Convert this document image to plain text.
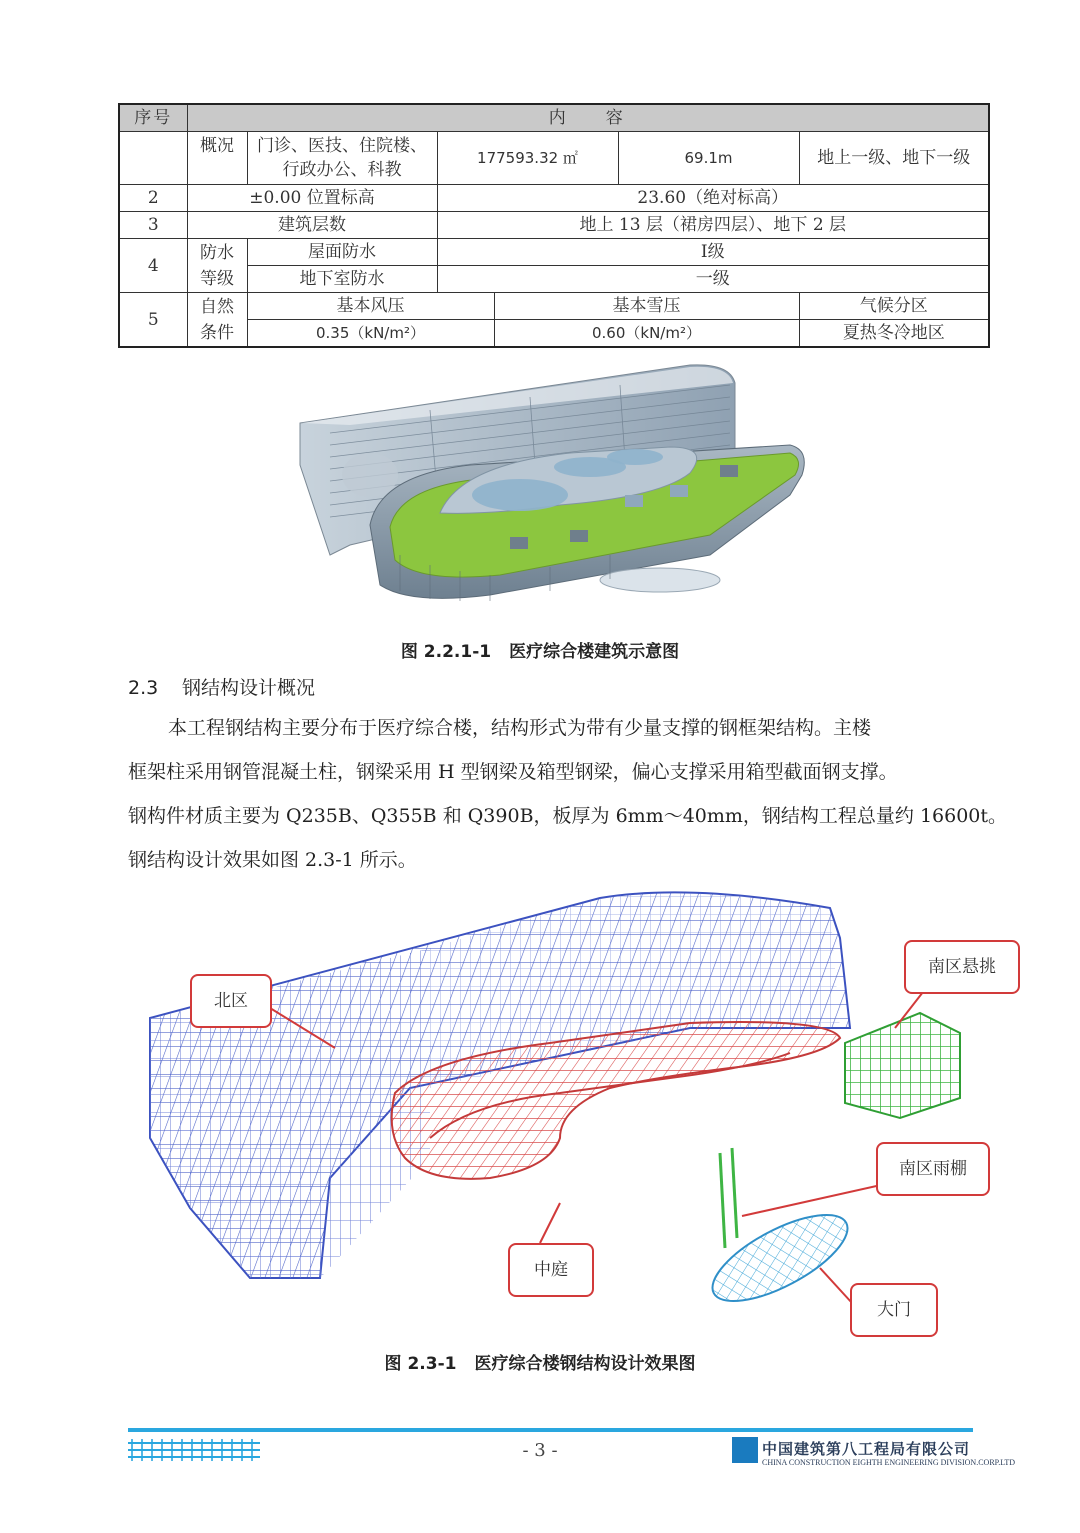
序号	内容					
	概况	门诊、医技、住院楼、行政办公、科教	177593.32 ㎡		69.1m	地上一级、地下一级
2	±0.00 位置标高		23.60（绝对标高）			
3	建筑层数		地上 13 层（裙房四层）、地下 2 层			
4	防水等级	屋面防水	Ⅰ级			
		地下室防水	一级			
5	自然条件	基本风压		基本雪压		气候分区
		0.35（kN/m²）		0.60（kN/m²）		夏热冬冷地区
图 2.2.1-1 医疗综合楼建筑示意图
2.3 钢结构设计概况

本工程钢结构主要分布于医疗综合楼，结构形式为带有少量支撑的钢框架结构。主楼
框架柱采用钢管混凝土柱，钢梁采用 H 型钢梁及箱型钢梁，偏心支撑采用箱型截面钢支撑。
钢构件材质主要为 Q235B、Q355B 和 Q390B，板厚为 6mm～40mm，钢结构工程总量约 16600t。
钢结构设计效果如图 2.3-1 所示。

北区
南区悬挑
南区雨棚
中庭
大门
图 2.3-1 医疗综合楼钢结构设计效果图
- 3 -	中国建筑第八工程局有限公司
CHINA CONSTRUCTION EIGHTH ENGINEERING DIVISION.CORP.LTD
